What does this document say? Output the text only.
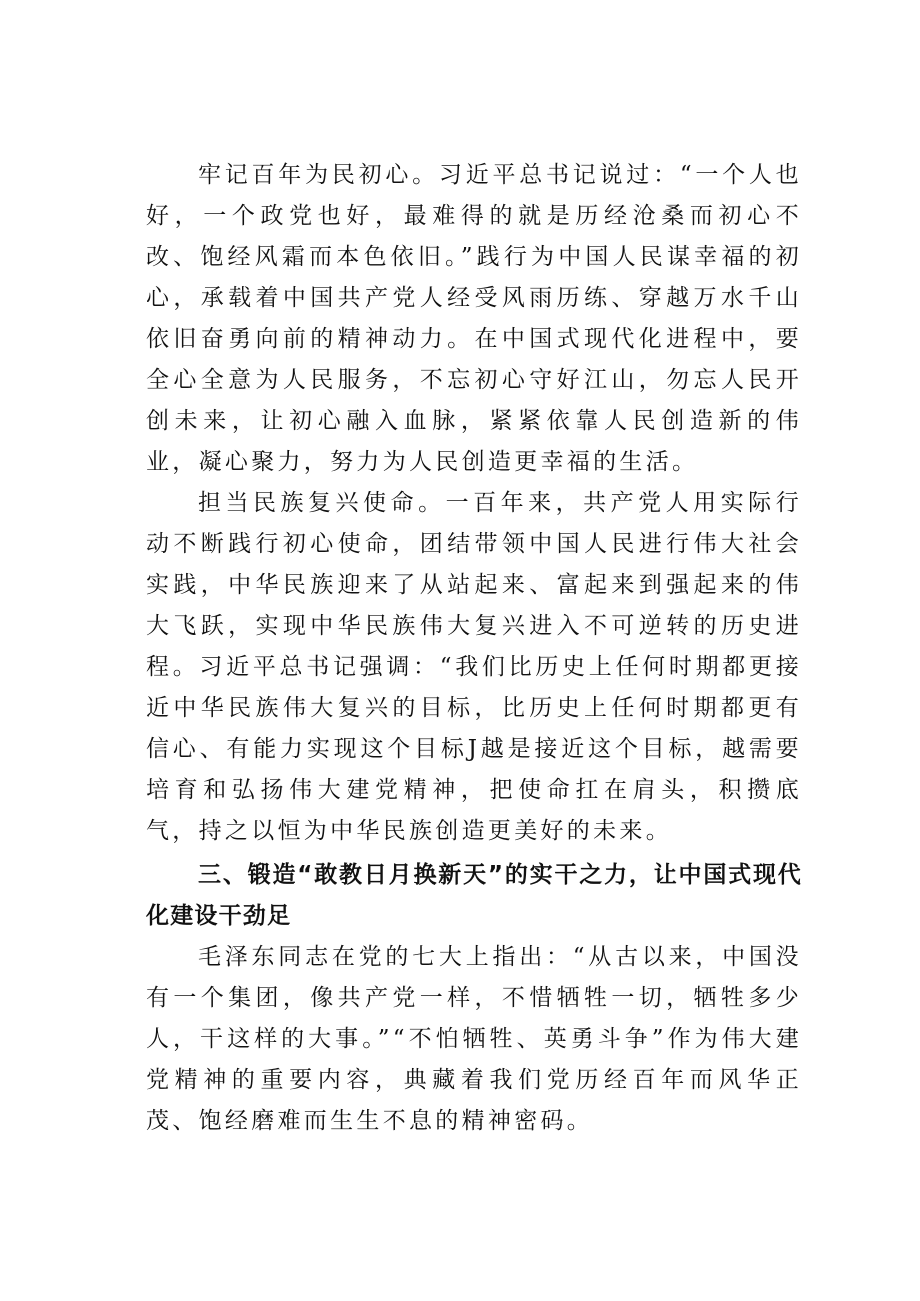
牢记百年为民初心。习近平总书记说过：“一个人也好，一个政党也好，最难得的就是历经沧桑而初心不改、饱经风霜而本色依旧。”践行为中国人民谋幸福的初心，承载着中国共产党人经受风雨历练、穿越万水千山依旧奋勇向前的精神动力。在中国式现代化进程中，要全心全意为人民服务，不忘初心守好江山，勿忘人民开创未来，让初心融入血脉，紧紧依靠人民创造新的伟业，凝心聚力，努力为人民创造更幸福的生活。

担当民族复兴使命。一百年来，共产党人用实际行动不断践行初心使命，团结带领中国人民进行伟大社会实践，中华民族迎来了从站起来、富起来到强起来的伟大飞跃，实现中华民族伟大复兴进入不可逆转的历史进程。习近平总书记强调：“我们比历史上任何时期都更接近中华民族伟大复兴的目标，比历史上任何时期都更有信心、有能力实现这个目标J越是接近这个目标，越需要培育和弘扬伟大建党精神，把使命扛在肩头，积攒底气，持之以恒为中华民族创造更美好的未来。

三、锻造“敢教日月换新天”的实干之力，让中国式现代化建设干劲足

毛泽东同志在党的七大上指出：“从古以来，中国没有一个集团，像共产党一样，不惜牺牲一切，牺牲多少人，干这样的大事。”“不怕牺牲、英勇斗争”作为伟大建党精神的重要内容，典藏着我们党历经百年而风华正茂、饱经磨难而生生不息的精神密码。
